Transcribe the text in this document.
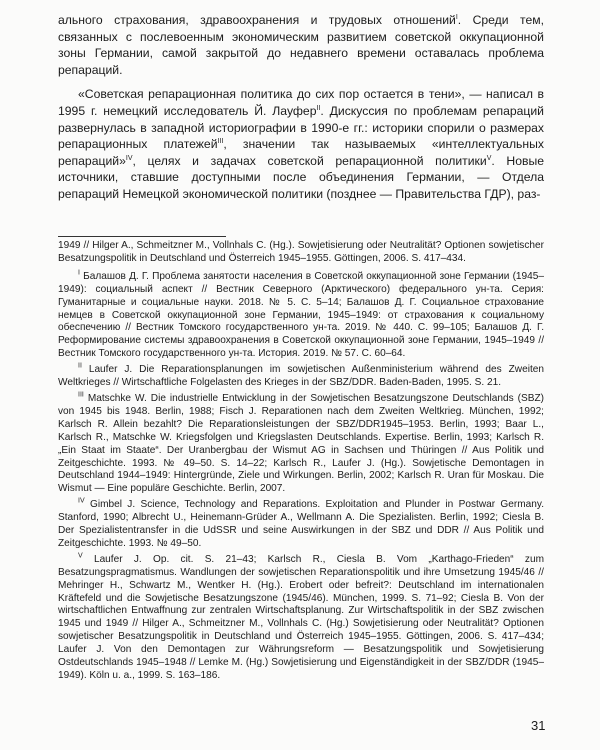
ального страхования, здравоохранения и трудовых отношений$^I$. Среди тем, связанных с послевоенным экономическим развитием советской оккупационной зоны Германии, самой закрытой до недавнего времени оставалась проблема репараций.

«Советская репарационная политика до сих пор остается в тени», — написал в 1995 г. немецкий исследователь Й. Лауфер$^{II}$. Дискуссия по проблемам репараций развернулась в западной историографии в 1990-е гг.: историки спорили о размерах репарационных платежей$^{III}$, значении так называемых «интеллектуальных репараций»$^{IV}$, целях и задачах советской репарационной политики$^V$. Новые источники, ставшие доступными после объединения Германии, — Отдела репараций Немецкой экономической политики (позднее — Правительства ГДР), раз-

1949 // Hilger A., Schmeitzner M., Vollnhals C. (Hg.). Sowjetisierung oder Neutralität? Optionen sowjetischer Besatzungspolitik in Deutschland und Österreich 1945–1955. Göttingen, 2006. S. 417–434.

$^I$ Балашов Д. Г. Проблема занятости населения в Советской оккупационной зоне Германии (1945–1949): социальный аспект // Вестник Северного (Арктического) федерального ун-та. Серия: Гуманитарные и социальные науки. 2018. № 5. С. 5–14; Балашов Д. Г. Социальное страхование немцев в Советской оккупационной зоне Германии, 1945–1949: от страхования к социальному обеспечению // Вестник Томского государственного ун-та. 2019. № 440. С. 99–105; Балашов Д. Г. Реформирование системы здравоохранения в Советской оккупационной зоне Германии, 1945–1949 // Вестник Томского государственного ун-та. История. 2019. № 57. С. 60–64.

$^{II}$ Laufer J. Die Reparationsplanungen im sowjetischen Außenministerium während des Zweiten Weltkrieges // Wirtschaftliche Folgelasten des Krieges in der SBZ/DDR. Baden-Baden, 1995. S. 21.

$^{III}$ Matschke W. Die industrielle Entwicklung in der Sowjetischen Besatzungszone Deutschlands (SBZ) von 1945 bis 1948. Berlin, 1988; Fisch J. Reparationen nach dem Zweiten Weltkrieg. München, 1992; Karlsch R. Allein bezahlt? Die Reparationsleistungen der SBZ/DDR1945–1953. Berlin, 1993; Baar L., Karlsch R., Matschke W. Kriegsfolgen und Kriegslasten Deutschlands. Expertise. Berlin, 1993; Karlsch R. „Ein Staat im Staate“. Der Uranbergbau der Wismut AG in Sachsen und Thüringen // Aus Politik und Zeitgeschichte. 1993. № 49–50. S. 14–22; Karlsch R., Laufer J. (Hg.). Sowjetische Demontagen in Deutschland 1944–1949: Hintergründe, Ziele und Wirkungen. Berlin, 2002; Karlsch R. Uran für Moskau. Die Wismut — Eine populäre Geschichte. Berlin, 2007.

$^{IV}$ Gimbel J. Science, Technology and Reparations. Exploitation and Plunder in Postwar Germany. Stanford, 1990; Albrecht U., Heinemann-Grüder A., Wellmann A. Die Spezialisten. Berlin, 1992; Ciesla B. Der Spezialistentransfer in die UdSSR und seine Auswirkungen in der SBZ und DDR // Aus Politik und Zeitgeschichte. 1993. № 49–50.

$^V$ Laufer J. Op. cit. S. 21–43; Karlsch R., Ciesla B. Vom „Karthago-Frieden“ zum Besatzungspragmatismus. Wandlungen der sowjetischen Reparationspolitik und ihre Umsetzung 1945/46 // Mehringer H., Schwartz M., Wentker H. (Hg.). Erobert oder befreit?: Deutschland im internationalen Kräftefeld und die Sowjetische Besatzungszone (1945/46). München, 1999. S. 71–92; Ciesla B. Von der wirtschaftlichen Entwaffnung zur zentralen Wirtschaftsplanung. Zur Wirtschaftspolitik in der SBZ zwischen 1945 und 1949 // Hilger A., Schmeitzner M., Vollnhals C. (Hg.) Sowjetisierung oder Neutralität? Optionen sowjetischer Besatzungspolitik in Deutschland und Österreich 1945–1955. Göttingen, 2006. S. 417–434; Laufer J. Von den Demontagen zur Währungsreform — Besatzungspolitik und Sowjetisierung Ostdeutschlands 1945–1948 // Lemke M. (Hg.) Sowjetisierung und Eigenständigkeit in der SBZ/DDR (1945–1949). Köln u. a., 1999. S. 163–186.

31
